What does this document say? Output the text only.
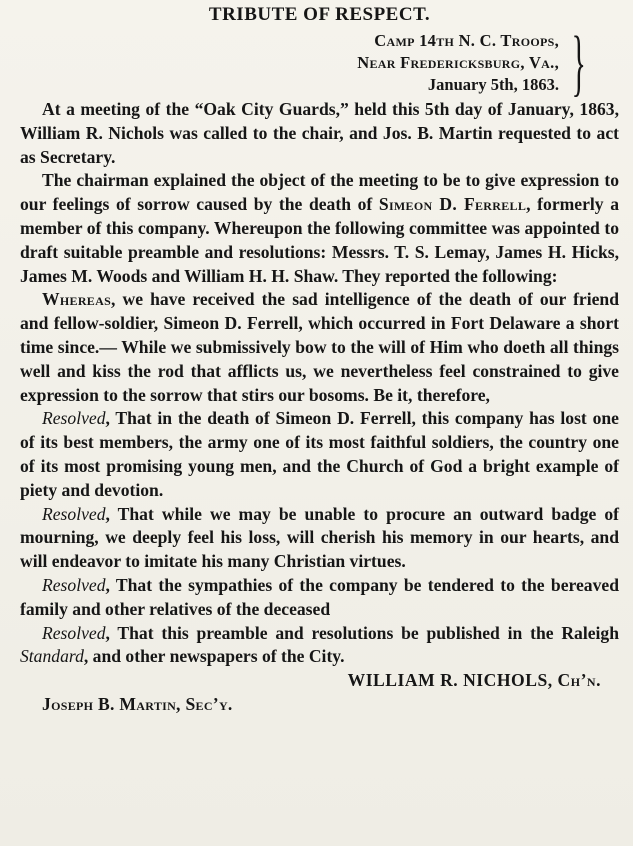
TRIBUTE OF RESPECT.
Camp 14th N. C. Troops,
Near Fredericksburg, Va.,
January 5th, 1863. }

At a meeting of the “Oak City Guards,” held this 5th day of January, 1863, William R. Nichols was called to the chair, and Jos. B. Martin requested to act as Secretary.

The chairman explained the object of the meeting to be to give expression to our feelings of sorrow caused by the death of Simeon D. Ferrell, formerly a member of this company. Whereupon the following committee was appointed to draft suitable preamble and resolutions: Messrs. T. S. Lemay, James H. Hicks, James M. Woods and William H. H. Shaw. They reported the following:

Whereas, we have received the sad intelligence of the death of our friend and fellow-soldier, Simeon D. Ferrell, which occurred in Fort Delaware a short time since.— While we submissively bow to the will of Him who doeth all things well and kiss the rod that afflicts us, we nevertheless feel constrained to give expression to the sorrow that stirs our bosoms. Be it, therefore,

Resolved, That in the death of Simeon D. Ferrell, this company has lost one of its best members, the army one of its most faithful soldiers, the country one of its most promising young men, and the Church of God a bright example of piety and devotion.

Resolved, That while we may be unable to procure an outward badge of mourning, we deeply feel his loss, will cherish his memory in our hearts, and will endeavor to imitate his many Christian virtues.

Resolved, That the sympathies of the company be tendered to the bereaved family and other relatives of the deceased

Resolved, That this preamble and resolutions be published in the Raleigh Standard, and other newspapers of the City.

WILLIAM R. NICHOLS, Ch’n.
Joseph B. Martin, Sec’y.
